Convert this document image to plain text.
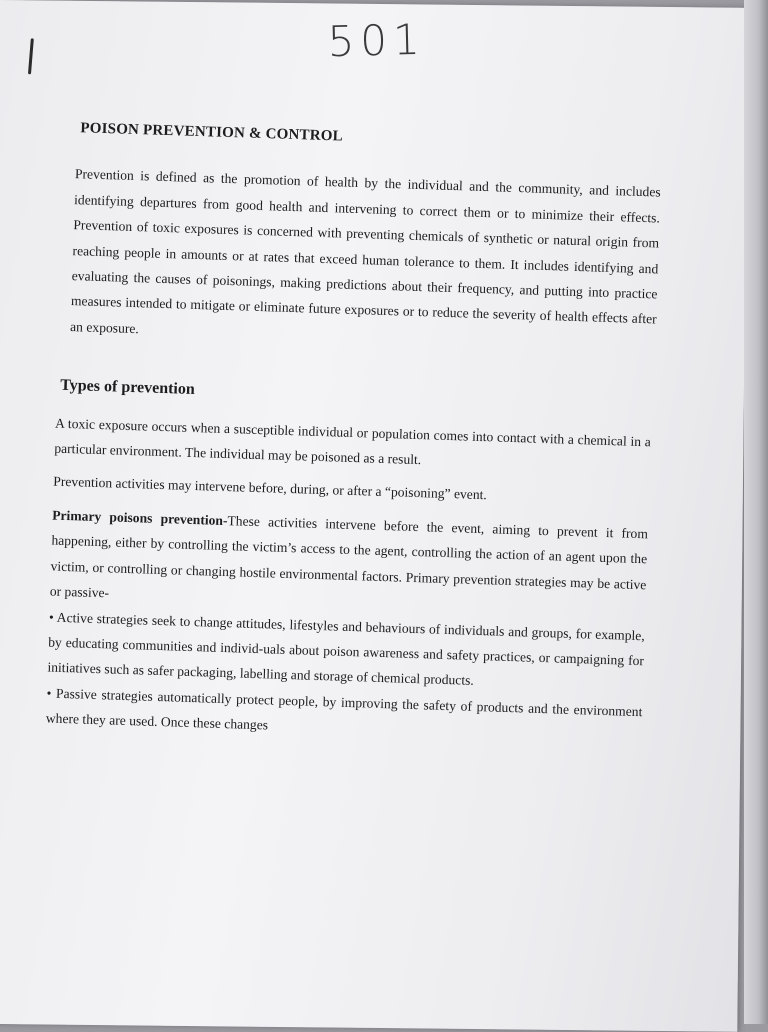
501
POISON PREVENTION & CONTROL

Prevention is defined as the promotion of health by the individual and the community, and includes identifying departures from good health and intervening to correct them or to minimize their effects. Prevention of toxic exposures is concerned with preventing chemicals of synthetic or natural origin from reaching people in amounts or at rates that exceed human tolerance to them. It includes identifying and evaluating the causes of poisonings, making predictions about their frequency, and putting into practice measures intended to mitigate or eliminate future exposures or to reduce the severity of health effects after an exposure.

Types of prevention

A toxic exposure occurs when a susceptible individual or population comes into contact with a chemical in a particular environment. The individual may be poisoned as a result.

Prevention activities may intervene before, during, or after a “poisoning” event.

Primary poisons prevention-These activities intervene before the event, aiming to prevent it from happening, either by controlling the victim’s access to the agent, controlling the action of an agent upon the victim, or controlling or changing hostile environmental factors. Primary prevention strategies may be active or passive-
• Active strategies seek to change attitudes, lifestyles and behaviours of individuals and groups, for example, by educating communities and individ-uals about poison awareness and safety practices, or campaigning for initiatives such as safer packaging, labelling and storage of chemical products.
• Passive strategies automatically protect people, by improving the safety of products and the environment where they are used. Once these changes
